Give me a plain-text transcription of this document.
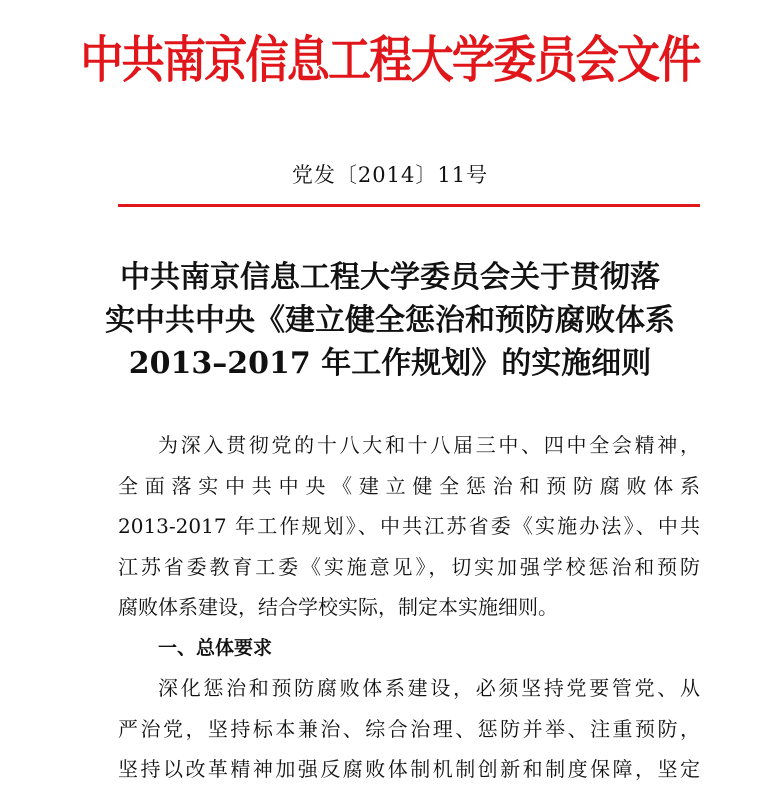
中共南京信息工程大学委员会文件
党发〔2014〕11号
中共南京信息工程大学委员会关于贯彻落
实中共中央《建立健全惩治和预防腐败体系
2013–2017 年工作规划》的实施细则
为深入贯彻党的十八大和十八届三中、四中全会精神，
全面落实中共中央《建立健全惩治和预防腐败体系
2013-2017 年工作规划》、中共江苏省委《实施办法》、中共
江苏省委教育工委《实施意见》，切实加强学校惩治和预防
腐败体系建设，结合学校实际，制定本实施细则。
一、总体要求
深化惩治和预防腐败体系建设，必须坚持党要管党、从
严治党，坚持标本兼治、综合治理、惩防并举、注重预防，
坚持以改革精神加强反腐败体制机制创新和制度保障，坚定
